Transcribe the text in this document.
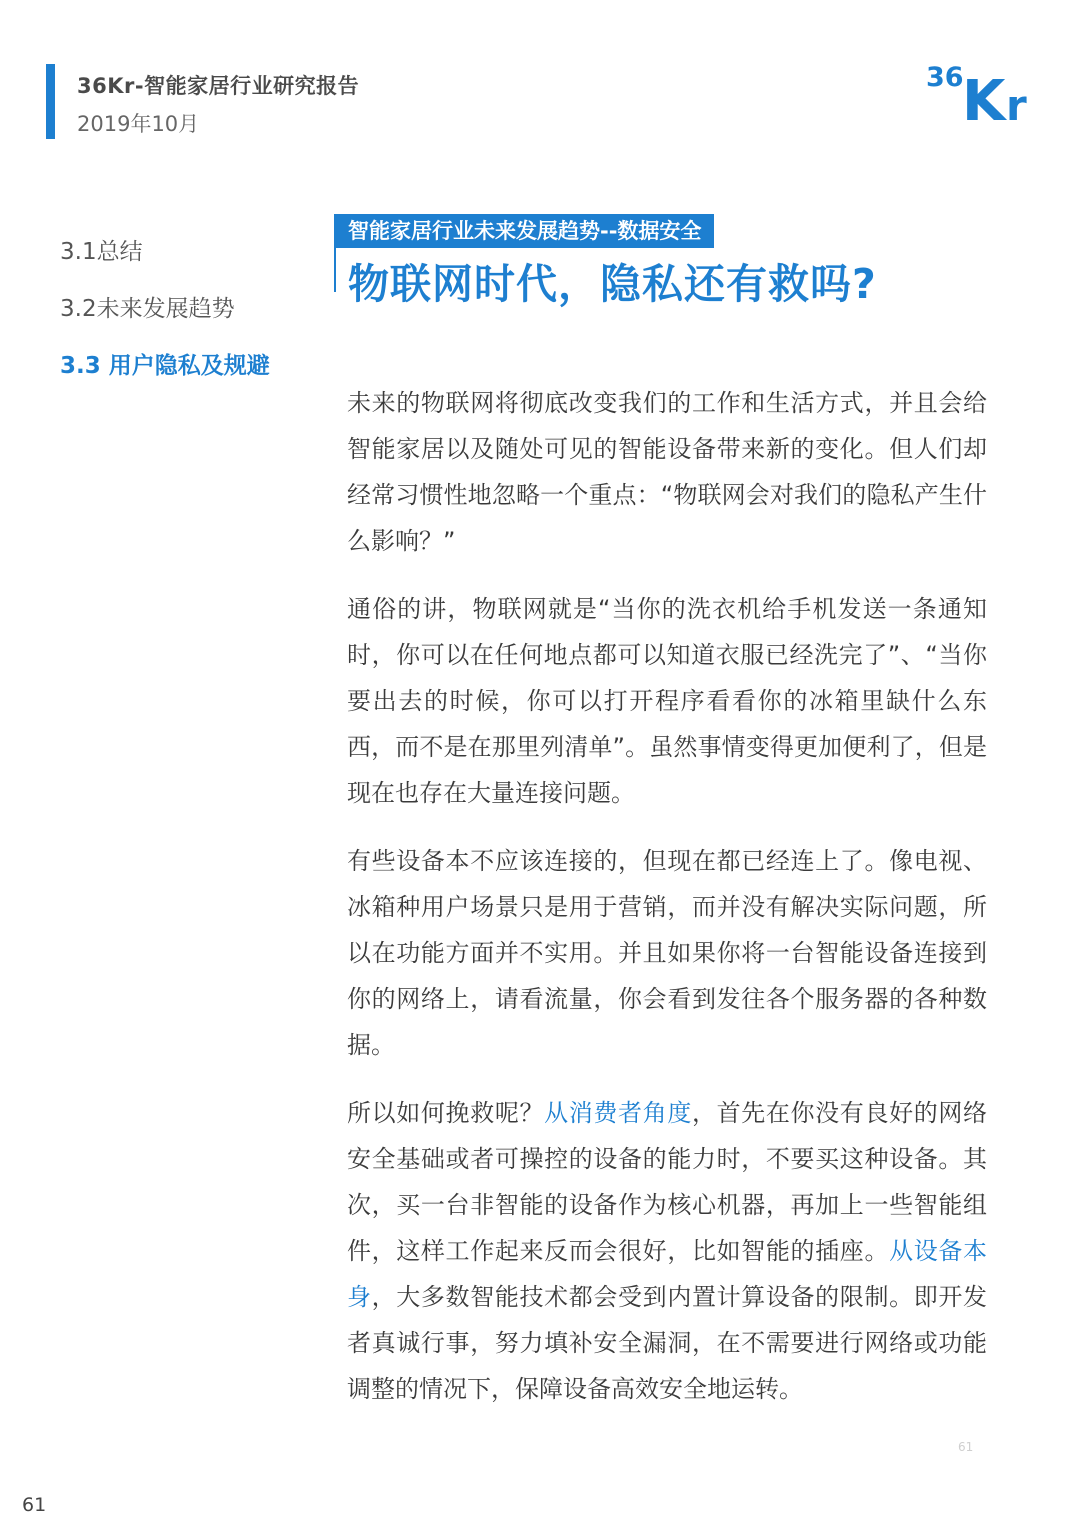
36Kr-智能家居行业研究报告
2019年10月
36
K r
3.1总结
3.2未来发展趋势
3.3 用户隐私及规避
智能家居行业未来发展趋势--数据安全
物联网时代，隐私还有救吗?

未来的物联网将彻底改变我们的工作和生活方式，并且会给智能家居以及随处可见的智能设备带来新的变化。但人们却经常习惯性地忽略一个重点：“物联网会对我们的隐私产生什么影响？”

通俗的讲，物联网就是“当你的洗衣机给手机发送一条通知时，你可以在任何地点都可以知道衣服已经洗完了”、“当你要出去的时候，你可以打开程序看看你的冰箱里缺什么东西，而不是在那里列清单”。虽然事情变得更加便利了，但是现在也存在大量连接问题。

有些设备本不应该连接的，但现在都已经连上了。像电视、冰箱种用户场景只是用于营销，而并没有解决实际问题，所以在功能方面并不实用。并且如果你将一台智能设备连接到你的网络上，请看流量，你会看到发往各个服务器的各种数据。

所以如何挽救呢？从消费者角度，首先在你没有良好的网络安全基础或者可操控的设备的能力时，不要买这种设备。其次，买一台非智能的设备作为核心机器，再加上一些智能组件，这样工作起来反而会很好，比如智能的插座。从设备本身，大多数智能技术都会受到内置计算设备的限制。即开发者真诚行事，努力填补安全漏洞，在不需要进行网络或功能调整的情况下，保障设备高效安全地运转。

61
61
